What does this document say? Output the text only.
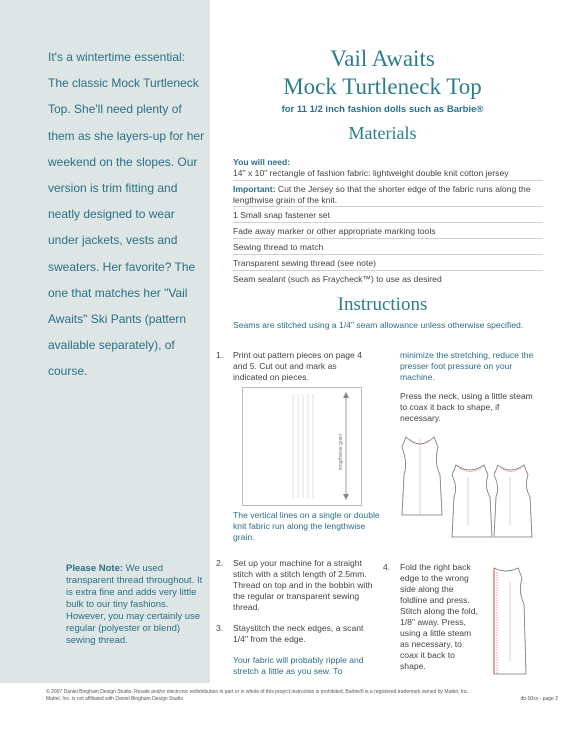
It's a wintertime essential: The classic Mock Turtleneck Top. She'll need plenty of them as she layers-up for her weekend on the slopes. Our version is trim fitting and neatly designed to wear under jackets, vests and sweaters. Her favorite? The one that matches her "Vail Awaits" Ski Pants (pattern available separately), of course.
Please Note: We used transparent thread throughout. It is extra fine and adds very little bulk to our tiny fashions. However, you may certainly use regular (polyester or blend) sewing thread.
Vail Awaits
Mock Turtleneck Top
for 11 1/2 inch fashion dolls such as Barbie®
Materials
You will need:
14" x 10" rectangle of fashion fabric: lightweight double knit cotton jersey
Important: Cut the Jersey so that the shorter edge of the fabric runs along the lengthwise grain of the knit.
1 Small snap fastener set
Fade away marker or other appropriate marking tools
Sewing thread to match
Transparent sewing thread (see note)
Seam sealant (such as Fraycheck™) to use as desired
Instructions
Seams are stitched using a 1/4" seam allowance unless otherwise specified.
1. Print out pattern pieces on page 4 and 5. Cut out and mark as indicated on pieces.
lengthwise grain
The vertical lines on a single or double knit fabric run along the lengthwise grain.
minimize the stretching, reduce the presser foot pressure on your machine.
Press the neck, using a little steam to coax it back to shape, if necessary.
2. Set up your machine for a straight stitch with a stitch length of 2.5mm. Thread on top and in the bobbin with the regular or transparent sewing thread.
3. Staystitch the neck edges, a scant 1/4" from the edge.
Your fabric will probably ripple and stretch a little as you sew. To
4. Fold the right back edge to the wrong side along the foldline and press. Stitch along the fold, 1/8" away. Press, using a little steam as necessary, to coax it back to shape.
© 2007 Daniel Bingham Design Studio. Resale and/or electronic redistribution in part or in whole of this project instruction is prohibited. Barbie® is a registered trademark owned by Mattel, Inc.
Mattel, Inc. is not affiliated with Daniel Bingham Design Studio.	db-00xx - page 2
